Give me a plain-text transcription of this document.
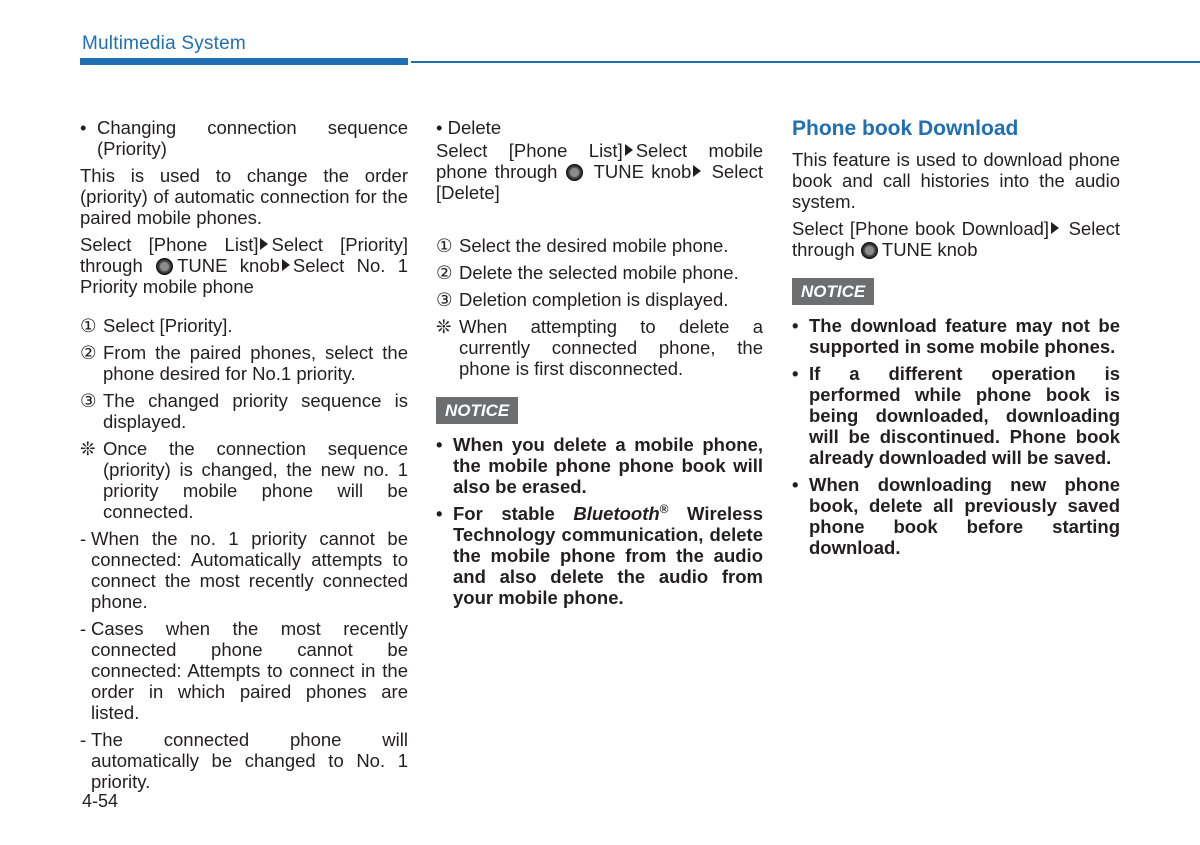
Multimedia System
• Changing connection sequence (Priority)

This is used to change the order (priority) of automatic connection for the paired mobile phones.

Select [Phone List] Select [Priority] through TUNE knob Select No. 1 Priority mobile phone

① Select [Priority].
② From the paired phones, select the phone desired for No.1 priority.
③ The changed priority sequence is displayed.
❊ Once the connection sequence (priority) is changed, the new no. 1 priority mobile phone will be connected.
- When the no. 1 priority cannot be connected: Automatically attempts to connect the most recently connected phone.
- Cases when the most recently connected phone cannot be connected: Attempts to connect in the order in which paired phones are listed.
- The connected phone will automatically be changed to No. 1 priority.
• Delete

Select [Phone List] Select mobile phone through TUNE knob Select [Delete]

① Select the desired mobile phone.
② Delete the selected mobile phone.
③ Deletion completion is displayed.
❊ When attempting to delete a currently connected phone, the phone is first disconnected.
NOTICE
• When you delete a mobile phone, the mobile phone phone book will also be erased.
• For stable Bluetooth® Wireless Technology communication, delete the mobile phone from the audio and also delete the audio from your mobile phone.
Phone book Download

This feature is used to download phone book and call histories into the audio system.

Select [Phone book Download] Select through TUNE knob

NOTICE
• The download feature may not be supported in some mobile phones.
• If a different operation is performed while phone book is being downloaded, downloading will be discontinued. Phone book already downloaded will be saved.
• When downloading new phone book, delete all previously saved phone book before starting download.
4-54
